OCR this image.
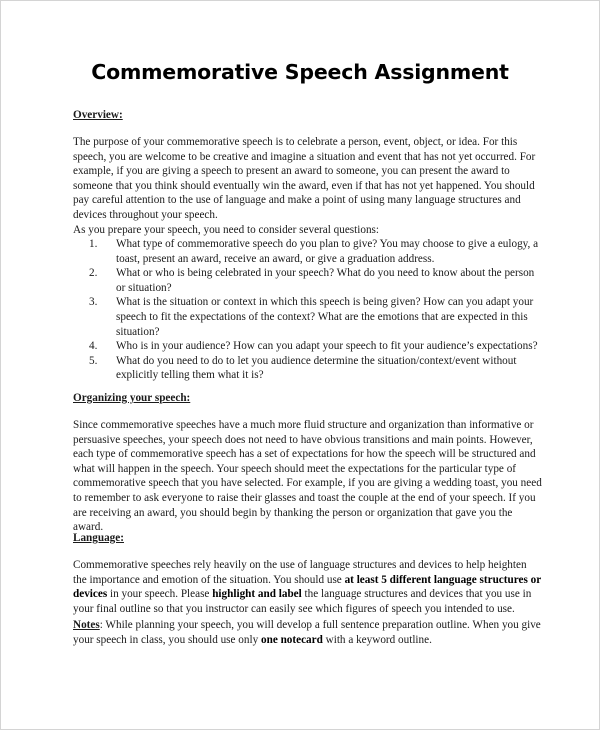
Commemorative Speech Assignment
Overview:

The purpose of your commemorative speech is to celebrate a person, event, object, or idea. For this speech, you are welcome to be creative and imagine a situation and event that has not yet occurred. For example, if you are giving a speech to present an award to someone, you can present the award to someone that you think should eventually win the award, even if that has not yet happened. You should pay careful attention to the use of language and make a point of using many language structures and devices throughout your speech.

As you prepare your speech, you need to consider several questions:

1. What type of commemorative speech do you plan to give? You may choose to give a eulogy, a toast, present an award, receive an award, or give a graduation address.
2. What or who is being celebrated in your speech? What do you need to know about the person or situation?
3. What is the situation or context in which this speech is being given? How can you adapt your speech to fit the expectations of the context? What are the emotions that are expected in this situation?
4. Who is in your audience? How can you adapt your speech to fit your audience’s expectations?
5. What do you need to do to let you audience determine the situation/context/event without explicitly telling them what it is?
Organizing your speech:

Since commemorative speeches have a much more fluid structure and organization than informative or persuasive speeches, your speech does not need to have obvious transitions and main points. However, each type of commemorative speech has a set of expectations for how the speech will be structured and what will happen in the speech. Your speech should meet the expectations for the particular type of commemorative speech that you have selected. For example, if you are giving a wedding toast, you need to remember to ask everyone to raise their glasses and toast the couple at the end of your speech. If you are receiving an award, you should begin by thanking the person or organization that gave you the award.

Language:

Commemorative speeches rely heavily on the use of language structures and devices to help heighten the importance and emotion of the situation. You should use at least 5 different language structures or devices in your speech. Please highlight and label the language structures and devices that you use in your final outline so that you instructor can easily see which figures of speech you intended to use.

Notes: While planning your speech, you will develop a full sentence preparation outline. When you give your speech in class, you should use only one notecard with a keyword outline.
